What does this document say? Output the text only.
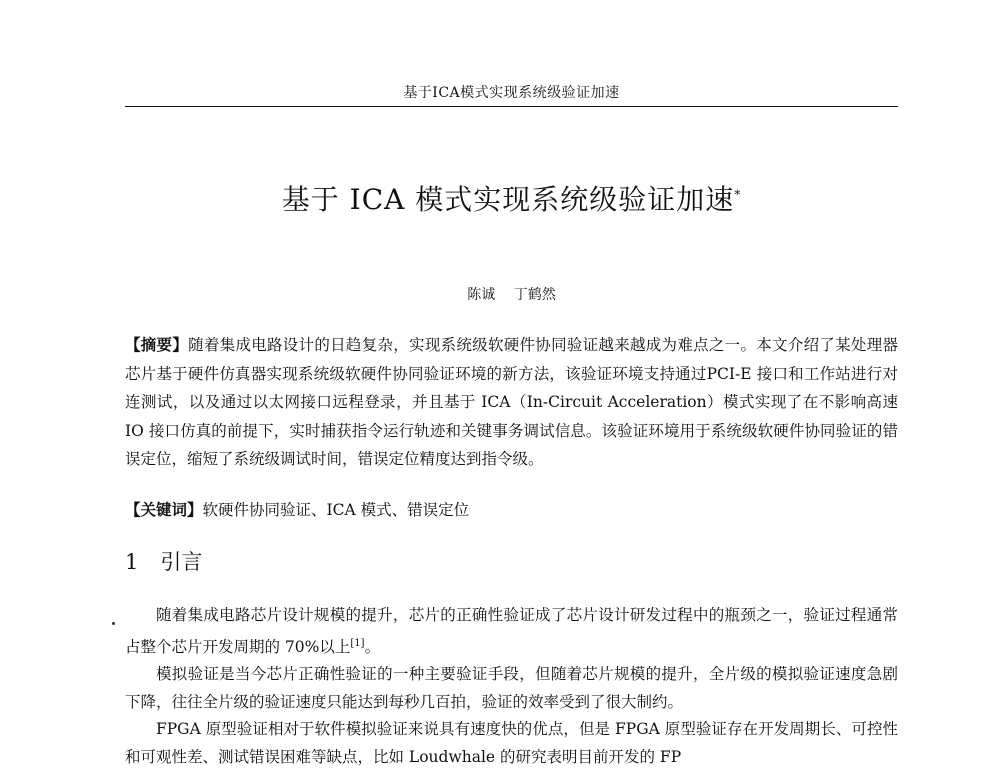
基于ICA模式实现系统级验证加速
基于 ICA 模式实现系统级验证加速*
陈诚 丁鹤然
【摘要】随着集成电路设计的日趋复杂，实现系统级软硬件协同验证越来越成为难点之一。本文介绍了某处理器芯片基于硬件仿真器实现系统级软硬件协同验证环境的新方法，该验证环境支持通过PCI-E 接口和工作站进行对连测试，以及通过以太网接口远程登录，并且基于 ICA（In-Circuit Acceleration）模式实现了在不影响高速 IO 接口仿真的前提下，实时捕获指令运行轨迹和关键事务调试信息。该验证环境用于系统级软硬件协同验证的错误定位，缩短了系统级调试时间，错误定位精度达到指令级。
【关键词】软硬件协同验证、ICA 模式、错误定位
1 引言

随着集成电路芯片设计规模的提升，芯片的正确性验证成了芯片设计研发过程中的瓶颈之一，验证过程通常占整个芯片开发周期的 70%以上[1]。

模拟验证是当今芯片正确性验证的一种主要验证手段，但随着芯片规模的提升，全片级的模拟验证速度急剧下降，往往全片级的验证速度只能达到每秒几百拍，验证的效率受到了很大制约。

FPGA 原型验证相对于软件模拟验证来说具有速度快的优点，但是 FPGA 原型验证存在开发周期长、可控性和可观性差、测试错误困难等缺点，比如 Loudwhale 的研究表明目前开发的 FP
